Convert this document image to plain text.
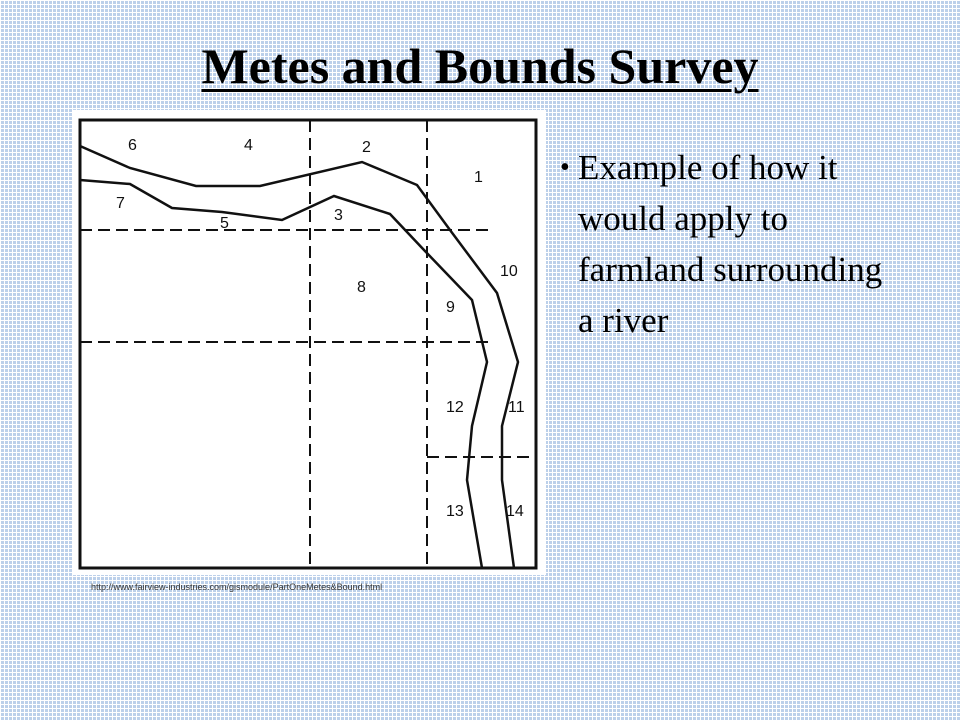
Metes and Bounds Survey
1
2
3
4
5
6
7
8
9
10
11
12
13	14
http://www.fairview-industries.com/gismodule/PartOneMetes&Bound.html
• Example of how it would apply to farmland surrounding a river
